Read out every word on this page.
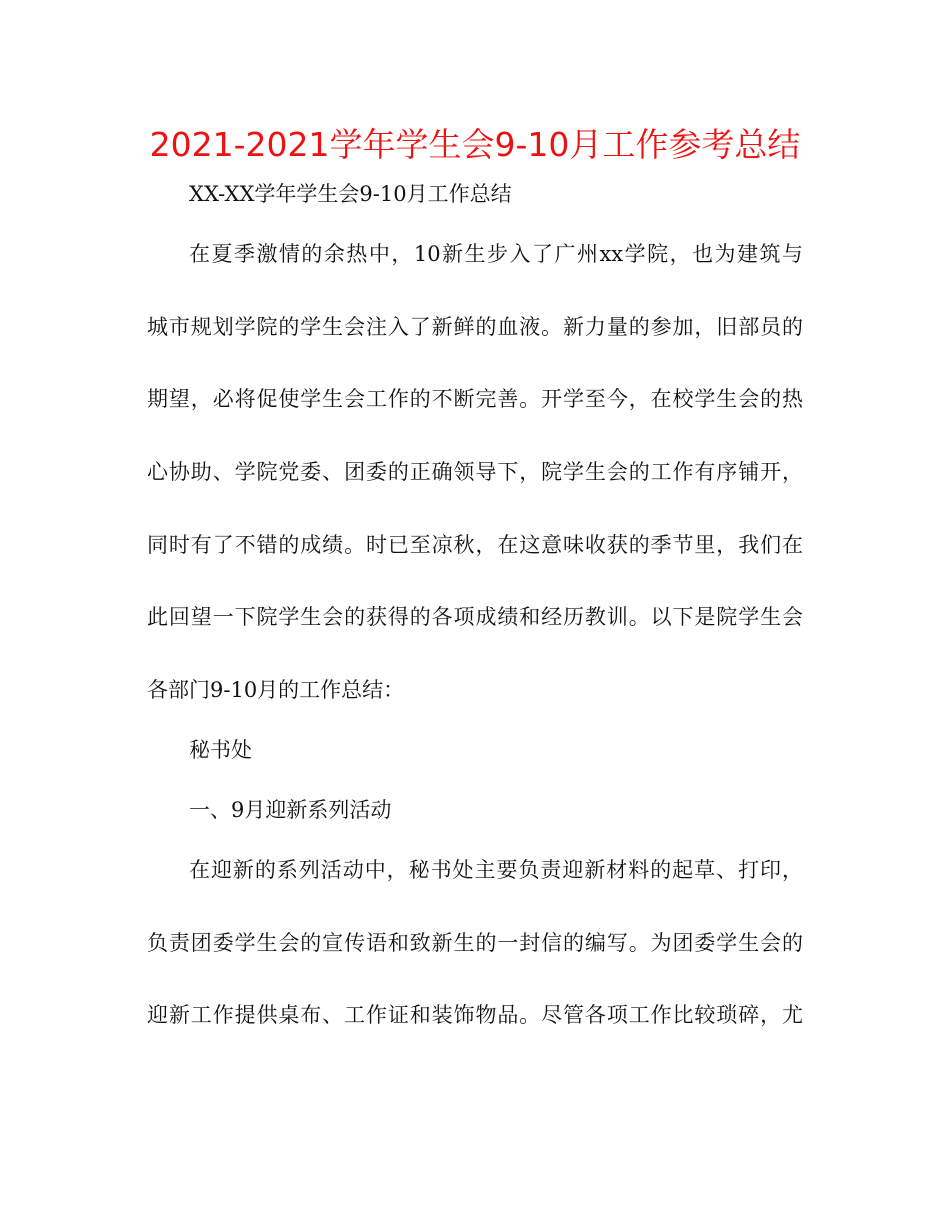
2021-2021学年学生会9-10月工作参考总结

XX-XX学年学生会9-10月工作总结

在夏季激情的余热中，10新生步入了广州xx学院，也为建筑与

城市规划学院的学生会注入了新鲜的血液。新力量的参加，旧部员的

期望，必将促使学生会工作的不断完善。开学至今，在校学生会的热

心协助、学院党委、团委的正确领导下，院学生会的工作有序铺开，

同时有了不错的成绩。时已至凉秋，在这意味收获的季节里，我们在

此回望一下院学生会的获得的各项成绩和经历教训。以下是院学生会

各部门9-10月的工作总结：

秘书处

一、9月迎新系列活动

在迎新的系列活动中，秘书处主要负责迎新材料的起草、打印，

负责团委学生会的宣传语和致新生的一封信的编写。为团委学生会的

迎新工作提供桌布、工作证和装饰物品。尽管各项工作比较琐碎，尤
